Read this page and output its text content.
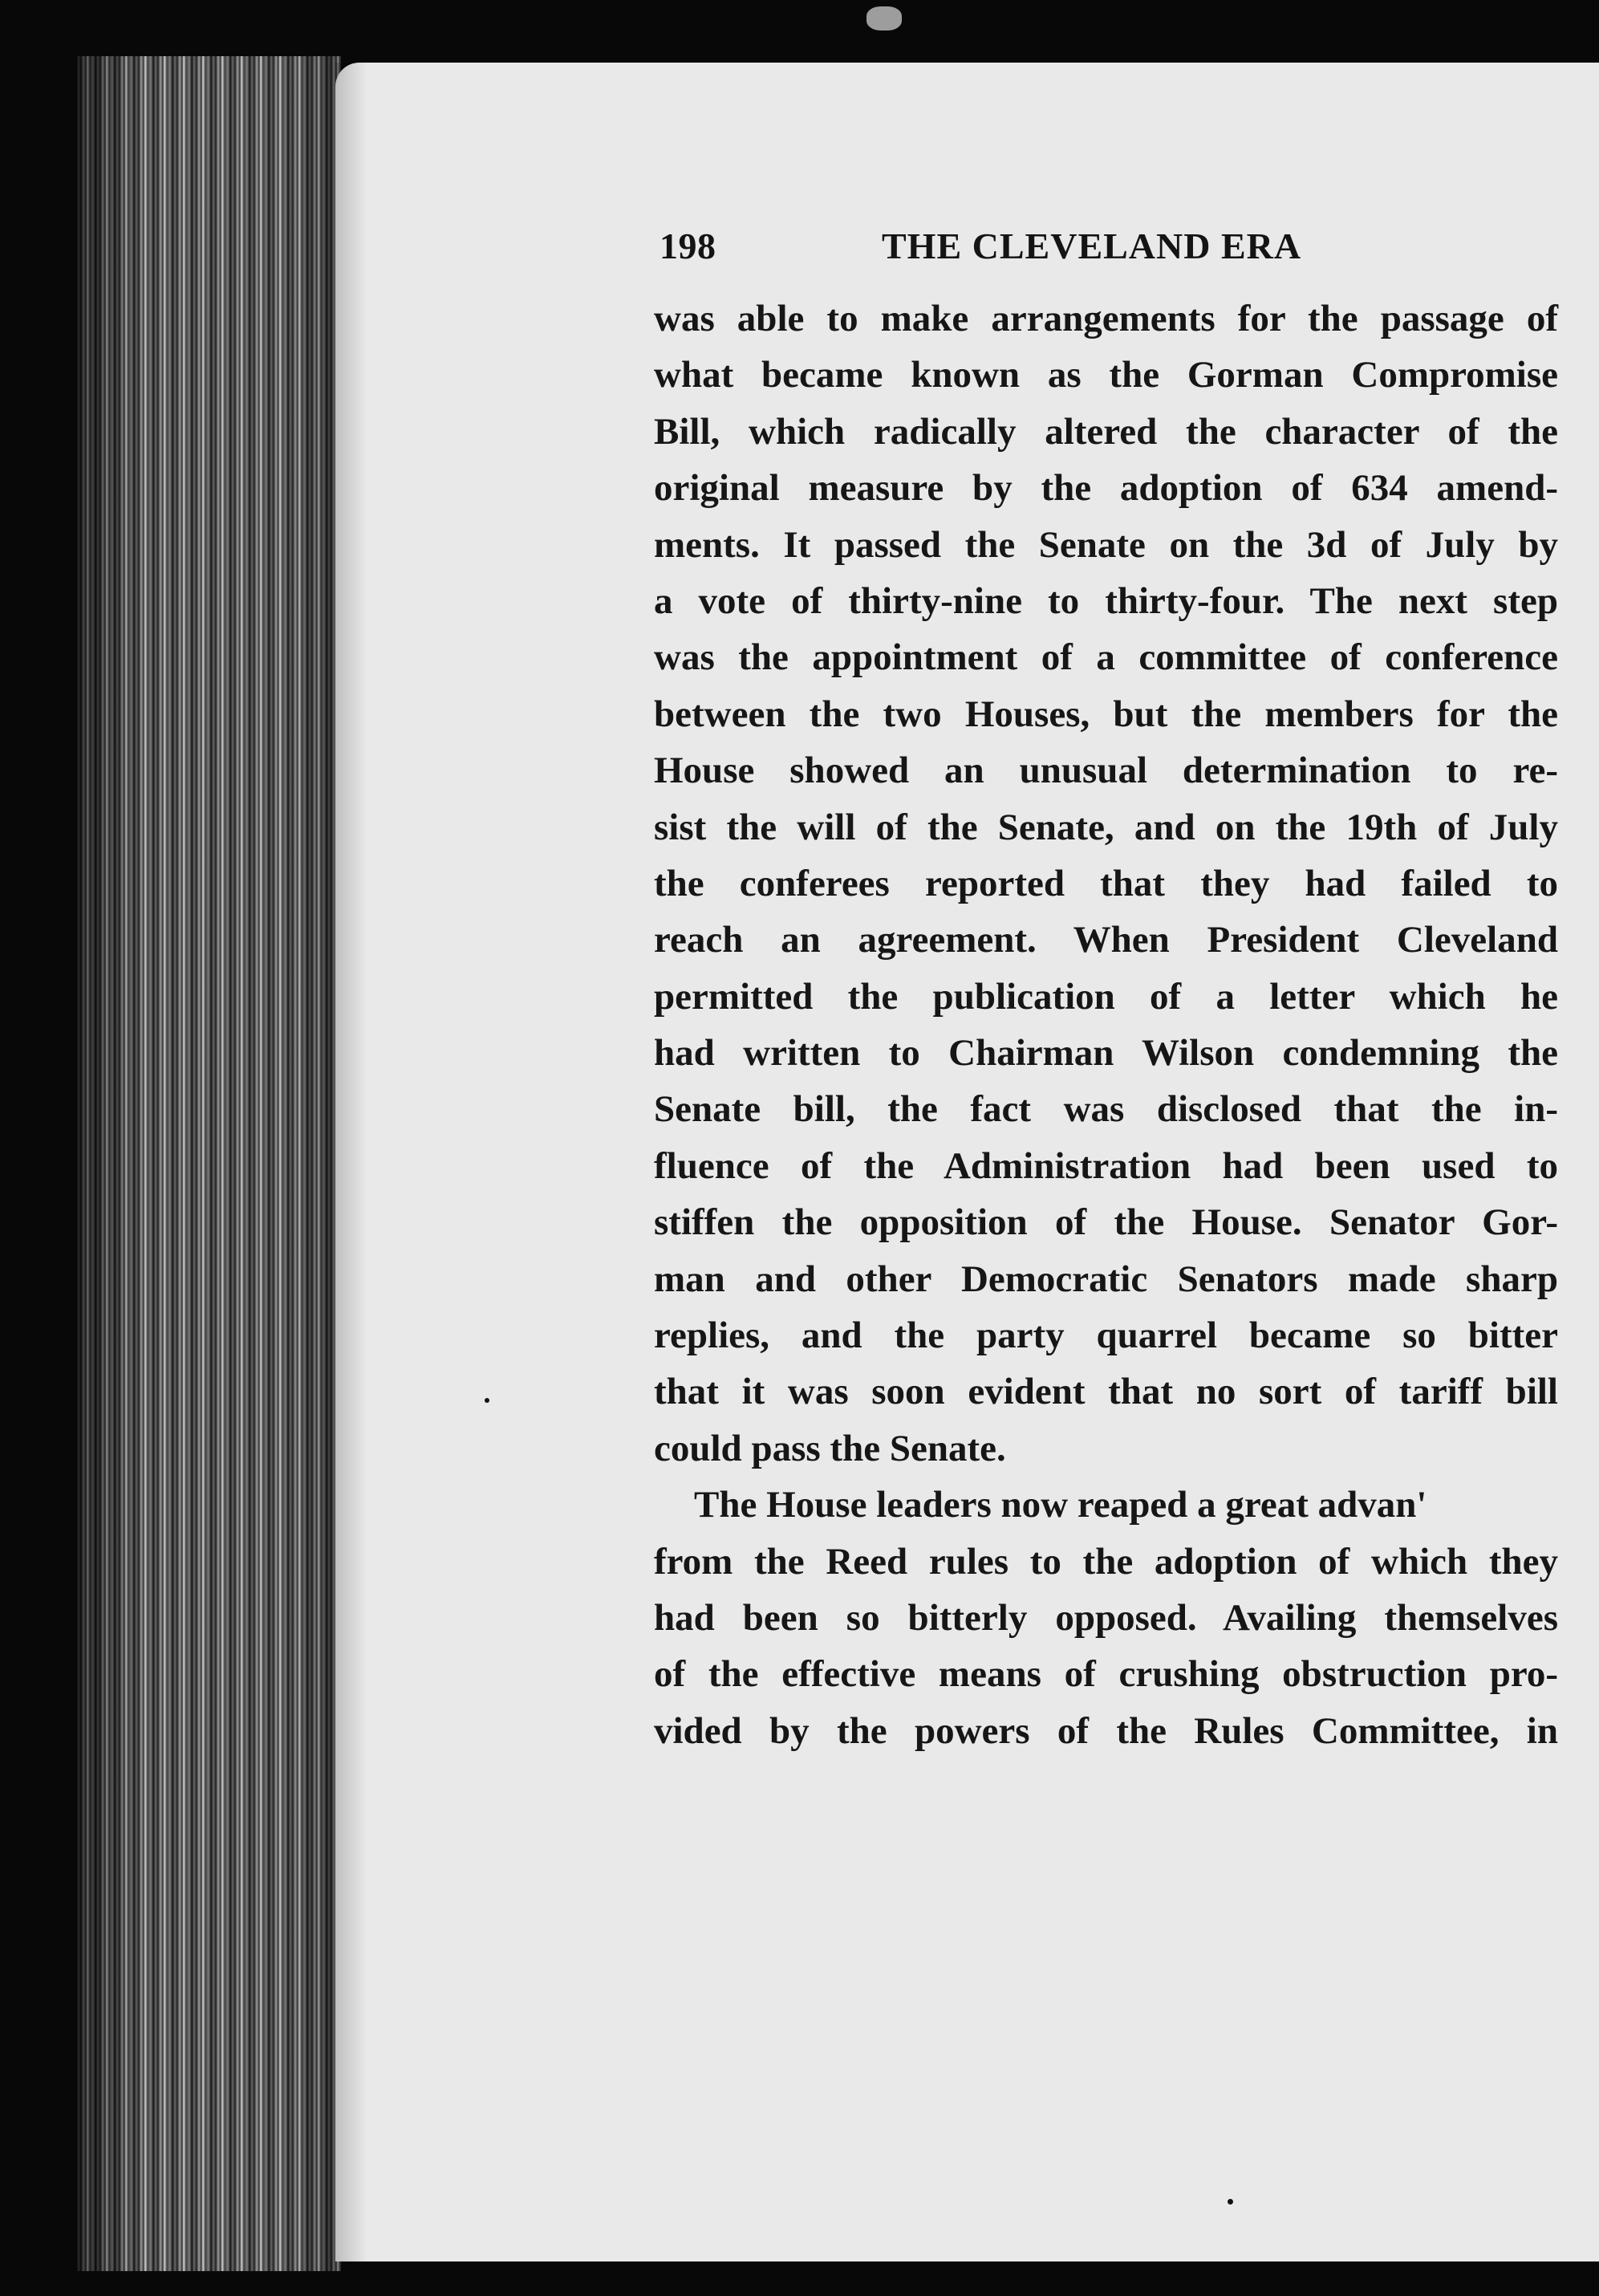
198	THE CLEVELAND ERA
was able to make arrangements for the passage of
what became known as the Gorman Compromise
Bill, which radically altered the character of the
original measure by the adoption of 634 amend-
ments. It passed the Senate on the 3d of July by
a vote of thirty-nine to thirty-four. The next step
was the appointment of a committee of conference
between the two Houses, but the members for the
House showed an unusual determination to re-
sist the will of the Senate, and on the 19th of July
the conferees reported that they had failed to
reach an agreement. When President Cleveland
permitted the publication of a letter which he
had written to Chairman Wilson condemning the
Senate bill, the fact was disclosed that the in-
fluence of the Administration had been used to
stiffen the opposition of the House. Senator Gor-
man and other Democratic Senators made sharp
replies, and the party quarrel became so bitter
that it was soon evident that no sort of tariff bill
could pass the Senate.
The House leaders now reaped a great advan'
from the Reed rules to the adoption of which they
had been so bitterly opposed. Availing themselves
of the effective means of crushing obstruction pro-
vided by the powers of the Rules Committee, in
